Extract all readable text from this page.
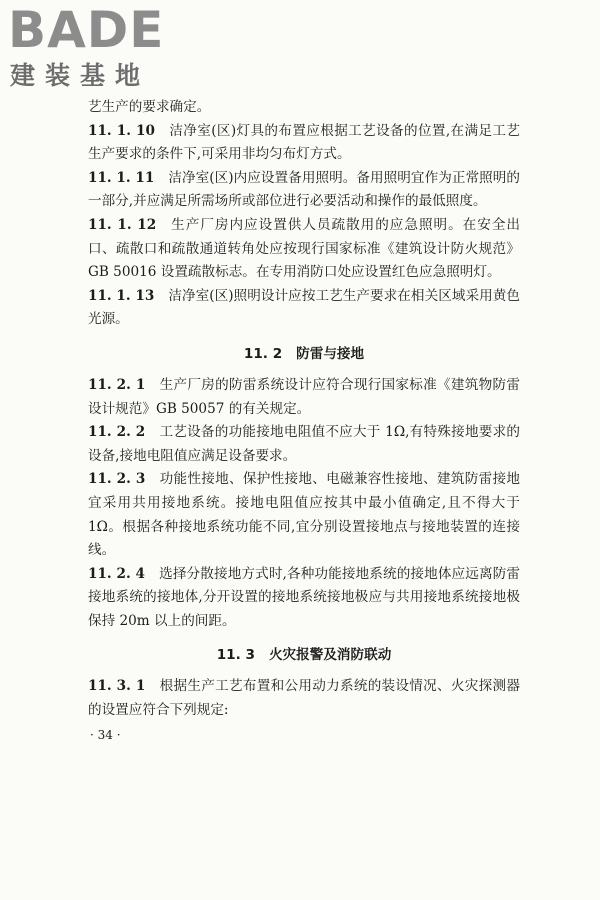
BADE
建装基地

艺生产的要求确定。

11. 1. 10 洁净室(区)灯具的布置应根据工艺设备的位置,在满足工艺生产要求的条件下,可采用非均匀布灯方式。

11. 1. 11 洁净室(区)内应设置备用照明。备用照明宜作为正常照明的一部分,并应满足所需场所或部位进行必要活动和操作的最低照度。

11. 1. 12 生产厂房内应设置供人员疏散用的应急照明。在安全出口、疏散口和疏散通道转角处应按现行国家标准《建筑设计防火规范》GB 50016 设置疏散标志。在专用消防口处应设置红色应急照明灯。

11. 1. 13 洁净室(区)照明设计应按工艺生产要求在相关区域采用黄色光源。

11. 2 防雷与接地

11. 2. 1 生产厂房的防雷系统设计应符合现行国家标准《建筑物防雷设计规范》GB 50057 的有关规定。

11. 2. 2 工艺设备的功能接地电阻值不应大于 1Ω,有特殊接地要求的设备,接地电阻值应满足设备要求。

11. 2. 3 功能性接地、保护性接地、电磁兼容性接地、建筑防雷接地宜采用共用接地系统。接地电阻值应按其中最小值确定,且不得大于 1Ω。根据各种接地系统功能不同,宜分别设置接地点与接地装置的连接线。

11. 2. 4 选择分散接地方式时,各种功能接地系统的接地体应远离防雷接地系统的接地体,分开设置的接地系统接地极应与共用接地系统接地极保持 20m 以上的间距。

11. 3 火灾报警及消防联动

11. 3. 1 根据生产工艺布置和公用动力系统的装设情况、火灾探测器的设置应符合下列规定:

· 34 ·
